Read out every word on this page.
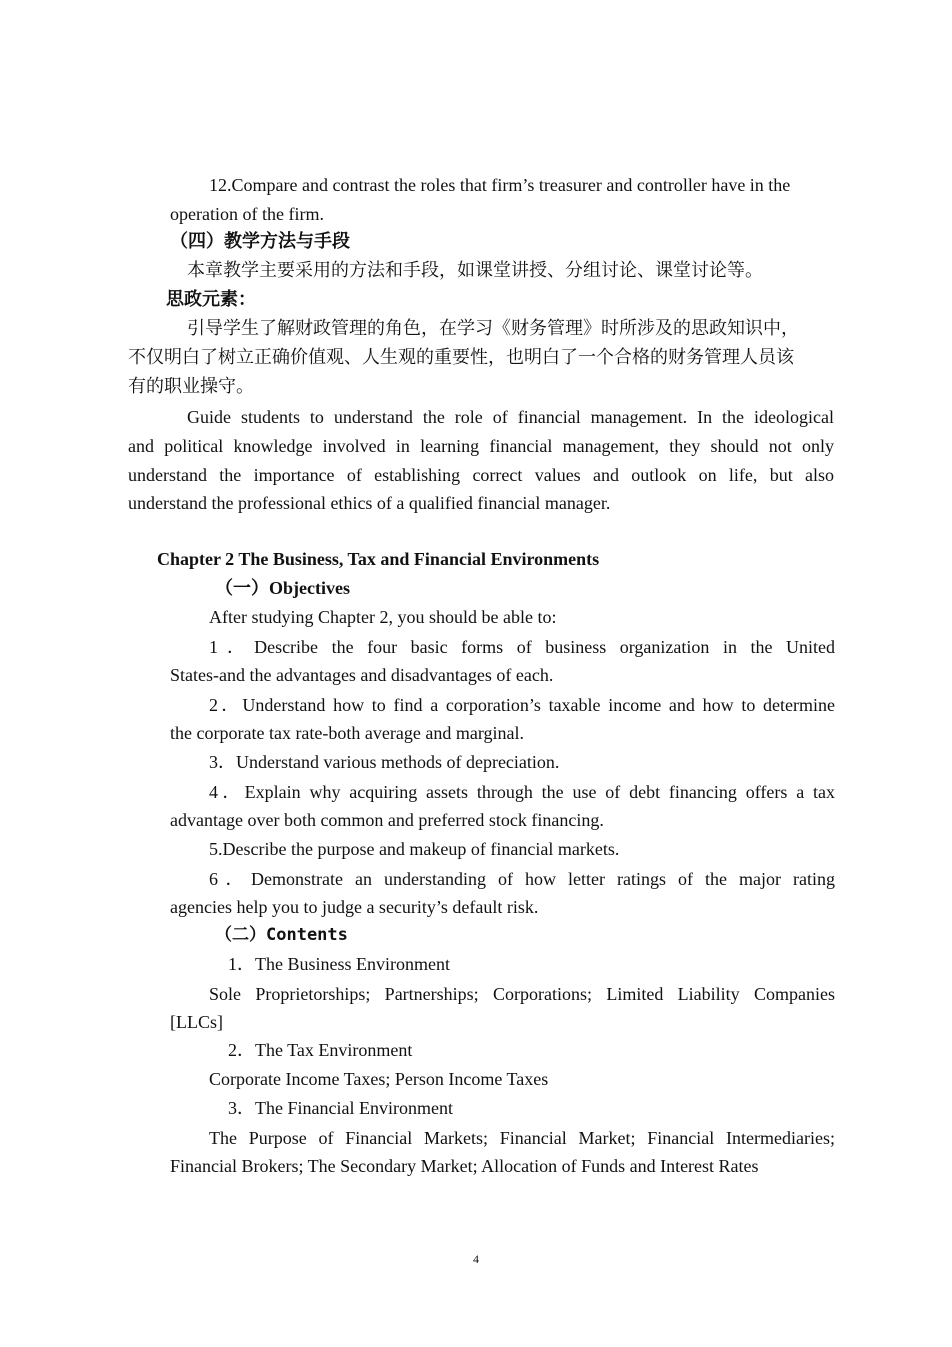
12.Compare and contrast the roles that firm’s treasurer and controller have in the
operation of the firm.
（四）教学方法与手段
本章教学主要采用的方法和手段，如课堂讲授、分组讨论、课堂讨论等。
思政元素：
引导学生了解财政管理的角色，在学习《财务管理》时所涉及的思政知识中，
不仅明白了树立正确价值观、人生观的重要性，也明白了一个合格的财务管理人员该
有的职业操守。
Guide students to understand the role of financial management. In the ideological
and political knowledge involved in learning financial management, they should not only
understand the importance of establishing correct values and outlook on life, but also
understand the professional ethics of a qualified financial manager.
Chapter 2 The Business, Tax and Financial Environments
（一）Objectives
After studying Chapter 2, you should be able to:
1．Describe the four basic forms of business organization in the United
States-and the advantages and disadvantages of each.
2．Understand how to find a corporation’s taxable income and how to determine
the corporate tax rate-both average and marginal.
3．Understand various methods of depreciation.
4．Explain why acquiring assets through the use of debt financing offers a tax
advantage over both common and preferred stock financing.
5.Describe the purpose and makeup of financial markets.
6．Demonstrate an understanding of how letter ratings of the major rating
agencies help you to judge a security’s default risk.
（二）Contents
1．The Business Environment
Sole Proprietorships; Partnerships; Corporations; Limited Liability Companies
[LLCs]
2．The Tax Environment
Corporate Income Taxes; Person Income Taxes
3．The Financial Environment
The Purpose of Financial Markets; Financial Market; Financial Intermediaries;
Financial Brokers; The Secondary Market; Allocation of Funds and Interest Rates
4
